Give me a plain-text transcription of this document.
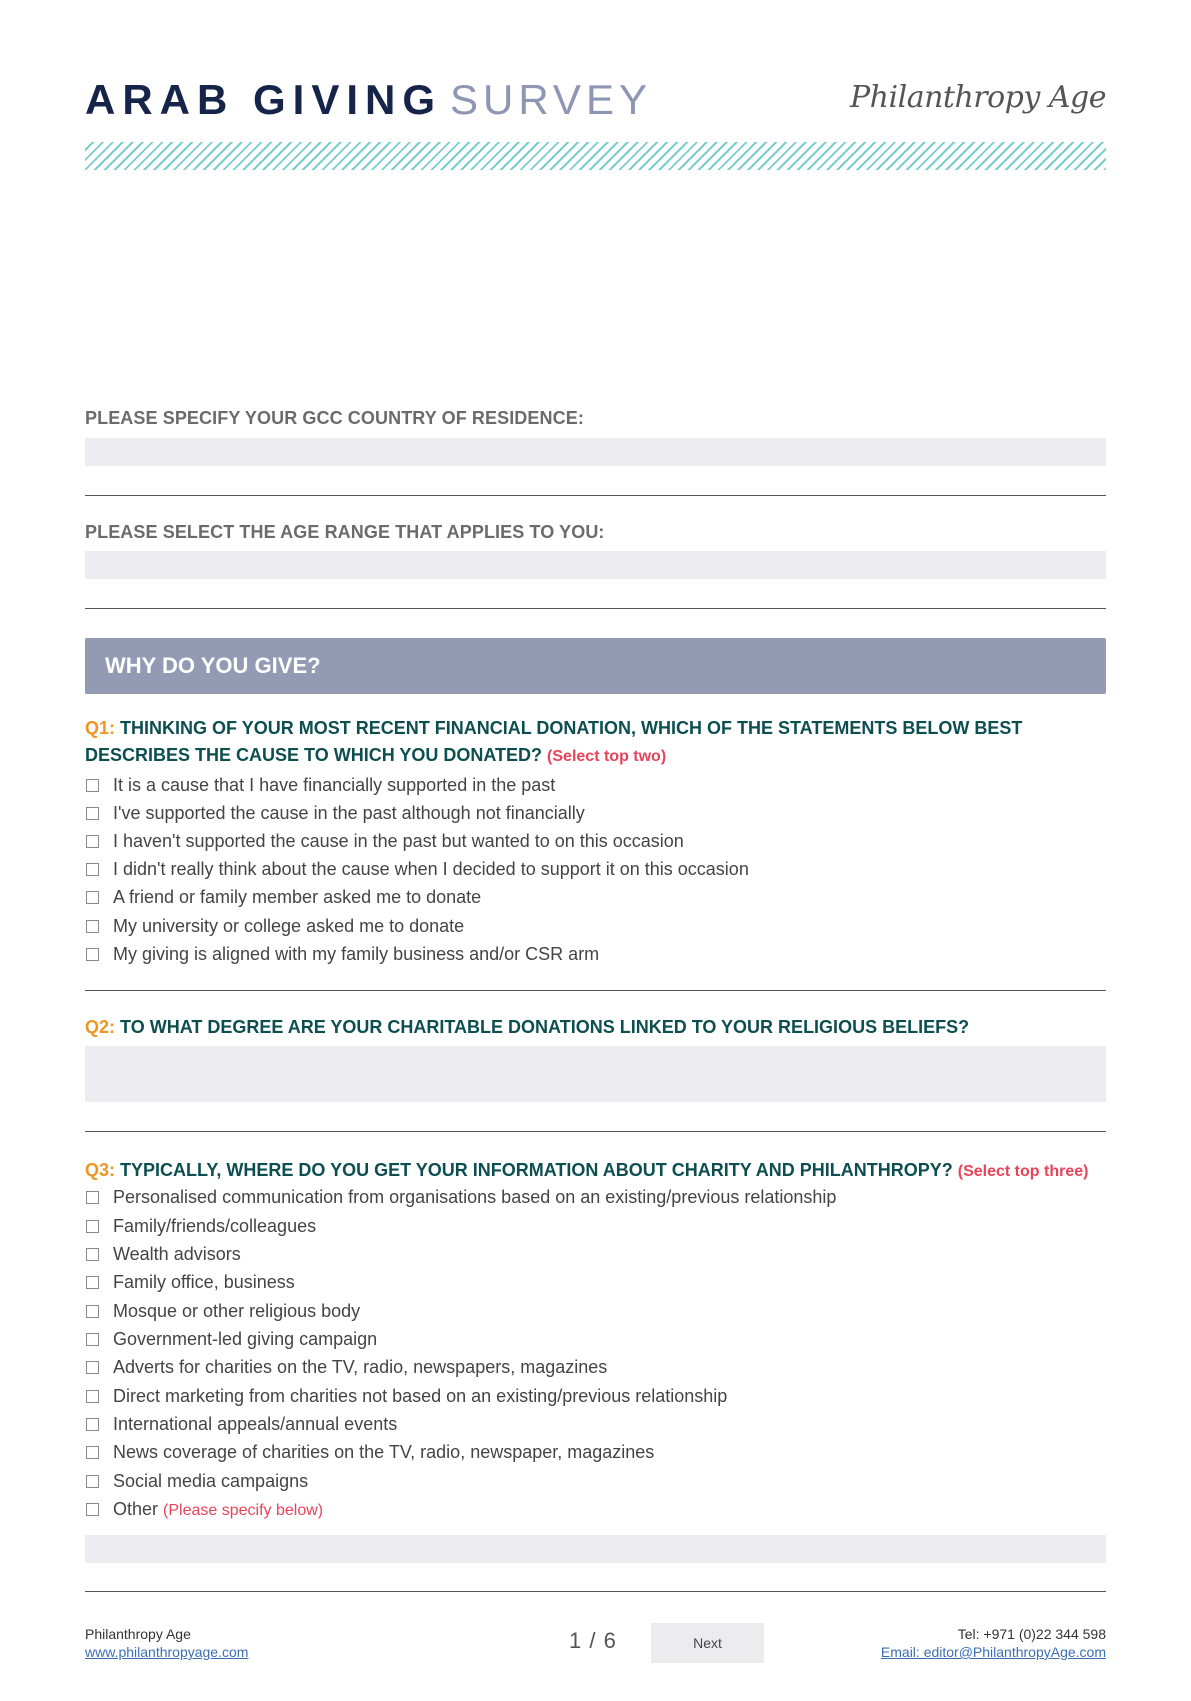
ARAB GIVING SURVEY	Philanthropy Age
PLEASE SPECIFY YOUR GCC COUNTRY OF RESIDENCE:
PLEASE SELECT THE AGE RANGE THAT APPLIES TO YOU:
WHY DO YOU GIVE?
Q1: THINKING OF YOUR MOST RECENT FINANCIAL DONATION, WHICH OF THE STATEMENTS BELOW BEST DESCRIBES THE CAUSE TO WHICH YOU DONATED? (Select top two)
It is a cause that I have financially supported in the past
I've supported the cause in the past although not financially
I haven't supported the cause in the past but wanted to on this occasion
I didn't really think about the cause when I decided to support it on this occasion
A friend or family member asked me to donate
My university or college asked me to donate
My giving is aligned with my family business and/or CSR arm
Q2: TO WHAT DEGREE ARE YOUR CHARITABLE DONATIONS LINKED TO YOUR RELIGIOUS BELIEFS?
Q3: TYPICALLY, WHERE DO YOU GET YOUR INFORMATION ABOUT CHARITY AND PHILANTHROPY? (Select top three)
Personalised communication from organisations based on an existing/previous relationship
Family/friends/colleagues
Wealth advisors
Family office, business
Mosque or other religious body
Government-led giving campaign
Adverts for charities on the TV, radio, newspapers, magazines
Direct marketing from charities not based on an existing/previous relationship
International appeals/annual events
News coverage of charities on the TV, radio, newspaper, magazines
Social media campaigns
Other (Please specify below)
Philanthropy Age
www.philanthropyage.com	1 / 6	Next
Tel: +971 (0)22 344 598
Email: editor@PhilanthropyAge.com
